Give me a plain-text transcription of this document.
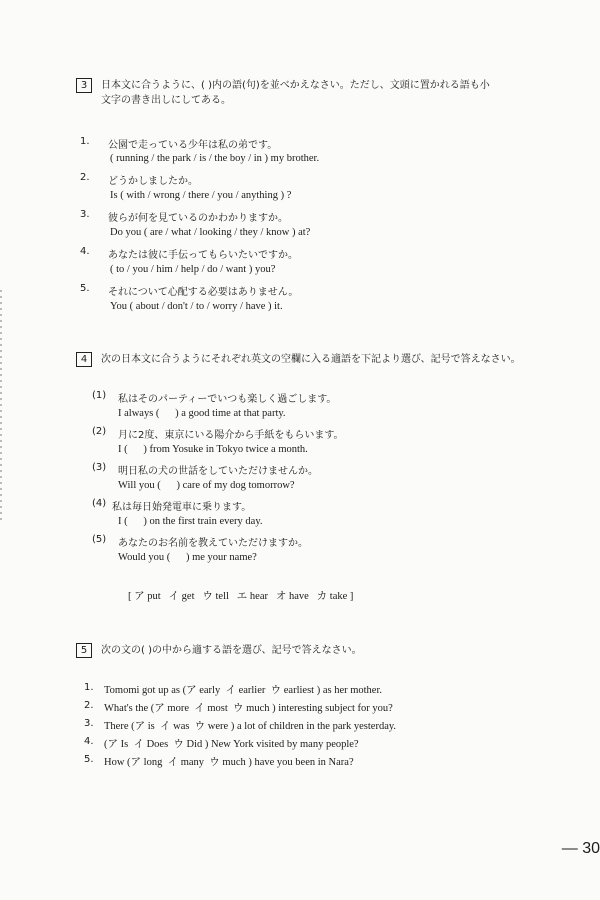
3	日本文に合うように、( )内の語(句)を並べかえなさい。ただし、文頭に置かれる語も小
文字の書き出しにしてある。
1.	公園で走っている少年は私の弟です。
( running / the park / is / the boy / in ) my brother.
2.	どうかしましたか。
Is ( with / wrong / there / you / anything ) ?
3.	彼らが何を見ているのかわかりますか。
Do you ( are / what / looking / they / know ) at?
4.	あなたは彼に手伝ってもらいたいですか。
( to / you / him / help / do / want ) you?
5.	それについて心配する必要はありません。
You ( about / don't / to / worry / have ) it.
4	次の日本文に合うようにそれぞれ英文の空欄に入る適語を下記より選び、記号で答えなさい。
(1)	私はそのパーティーでいつも楽しく過ごします。
I always (      ) a good time at that party.
(2)	月に2度、東京にいる陽介から手紙をもらいます。
I (      ) from Yosuke in Tokyo twice a month.
(3)	明日私の犬の世話をしていただけませんか。
Will you (      ) care of my dog tomorrow?
(4) 私は毎日始発電車に乗ります。
I (      ) on the first train every day.
(5)	あなたのお名前を教えていただけますか。
Would you (      ) me your name?
[ ア put   イ get   ウ tell   エ hear   オ have   カ take ]
5	次の文の( )の中から適する語を選び、記号で答えなさい。
1. Tomomi got up as (ア early  イ earlier  ウ earliest ) as her mother.
2. What's the (ア more  イ most  ウ much ) interesting subject for you?
3. There (ア is  イ was  ウ were ) a lot of children in the park yesterday.
4. (ア Is  イ Does  ウ Did ) New York visited by many people?
5. How (ア long  イ many  ウ much ) have you been in Nara?
— 30
